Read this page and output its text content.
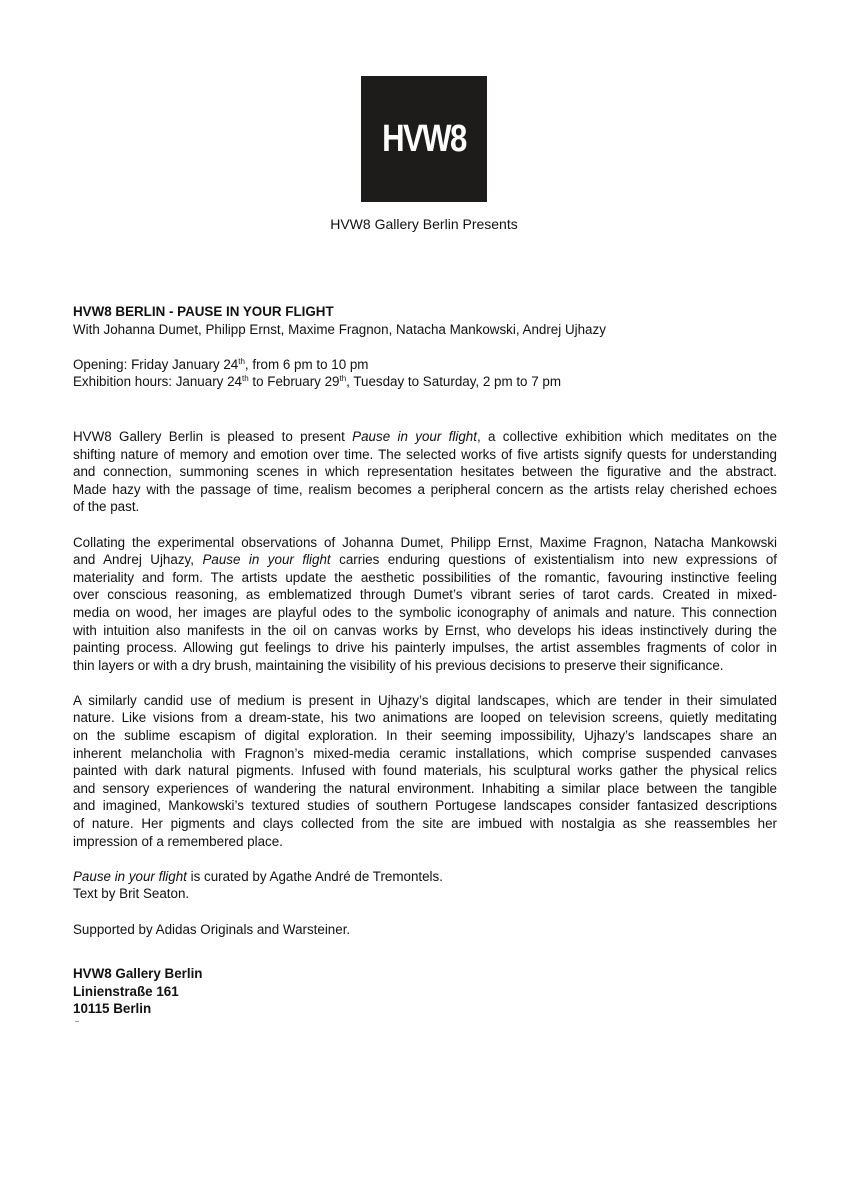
HVW8
HVW8 Gallery Berlin Presents
HVW8 BERLIN - PAUSE IN YOUR FLIGHT
With Johanna Dumet, Philipp Ernst, Maxime Fragnon, Natacha Mankowski, Andrej Ujhazy
Opening: Friday January 24th, from 6 pm to 10 pm
Exhibition hours: January 24th to February 29th, Tuesday to Saturday, 2 pm to 7 pm

HVW8 Gallery Berlin is pleased to present Pause in your flight, a collective exhibition which meditates on the

shifting nature of memory and emotion over time. The selected works of five artists signify quests for understanding

and connection, summoning scenes in which representation hesitates between the figurative and the abstract.

Made hazy with the passage of time, realism becomes a peripheral concern as the artists relay cherished echoes

of the past.

Collating the experimental observations of Johanna Dumet, Philipp Ernst, Maxime Fragnon, Natacha Mankowski

and Andrej Ujhazy, Pause in your flight carries enduring questions of existentialism into new expressions of

materiality and form. The artists update the aesthetic possibilities of the romantic, favouring instinctive feeling

over conscious reasoning, as emblematized through Dumet’s vibrant series of tarot cards. Created in mixed-

media on wood, her images are playful odes to the symbolic iconography of animals and nature. This connection

with intuition also manifests in the oil on canvas works by Ernst, who develops his ideas instinctively during the

painting process. Allowing gut feelings to drive his painterly impulses, the artist assembles fragments of color in

thin layers or with a dry brush, maintaining the visibility of his previous decisions to preserve their significance.

A similarly candid use of medium is present in Ujhazy’s digital landscapes, which are tender in their simulated

nature. Like visions from a dream-state, his two animations are looped on television screens, quietly meditating

on the sublime escapism of digital exploration. In their seeming impossibility, Ujhazy’s landscapes share an

inherent melancholia with Fragnon’s mixed-media ceramic installations, which comprise suspended canvases

painted with dark natural pigments. Infused with found materials, his sculptural works gather the physical relics

and sensory experiences of wandering the natural environment. Inhabiting a similar place between the tangible

and imagined, Mankowski’s textured studies of southern Portugese landscapes consider fantasized descriptions

of nature. Her pigments and clays collected from the site are imbued with nostalgia as she reassembles her

impression of a remembered place.

Pause in your flight is curated by Agathe André de Tremontels.
Text by Brit Seaton.
Supported by Adidas Originals and Warsteiner.
HVW8 Gallery Berlin
Linienstraße 161
10115 Berlin
